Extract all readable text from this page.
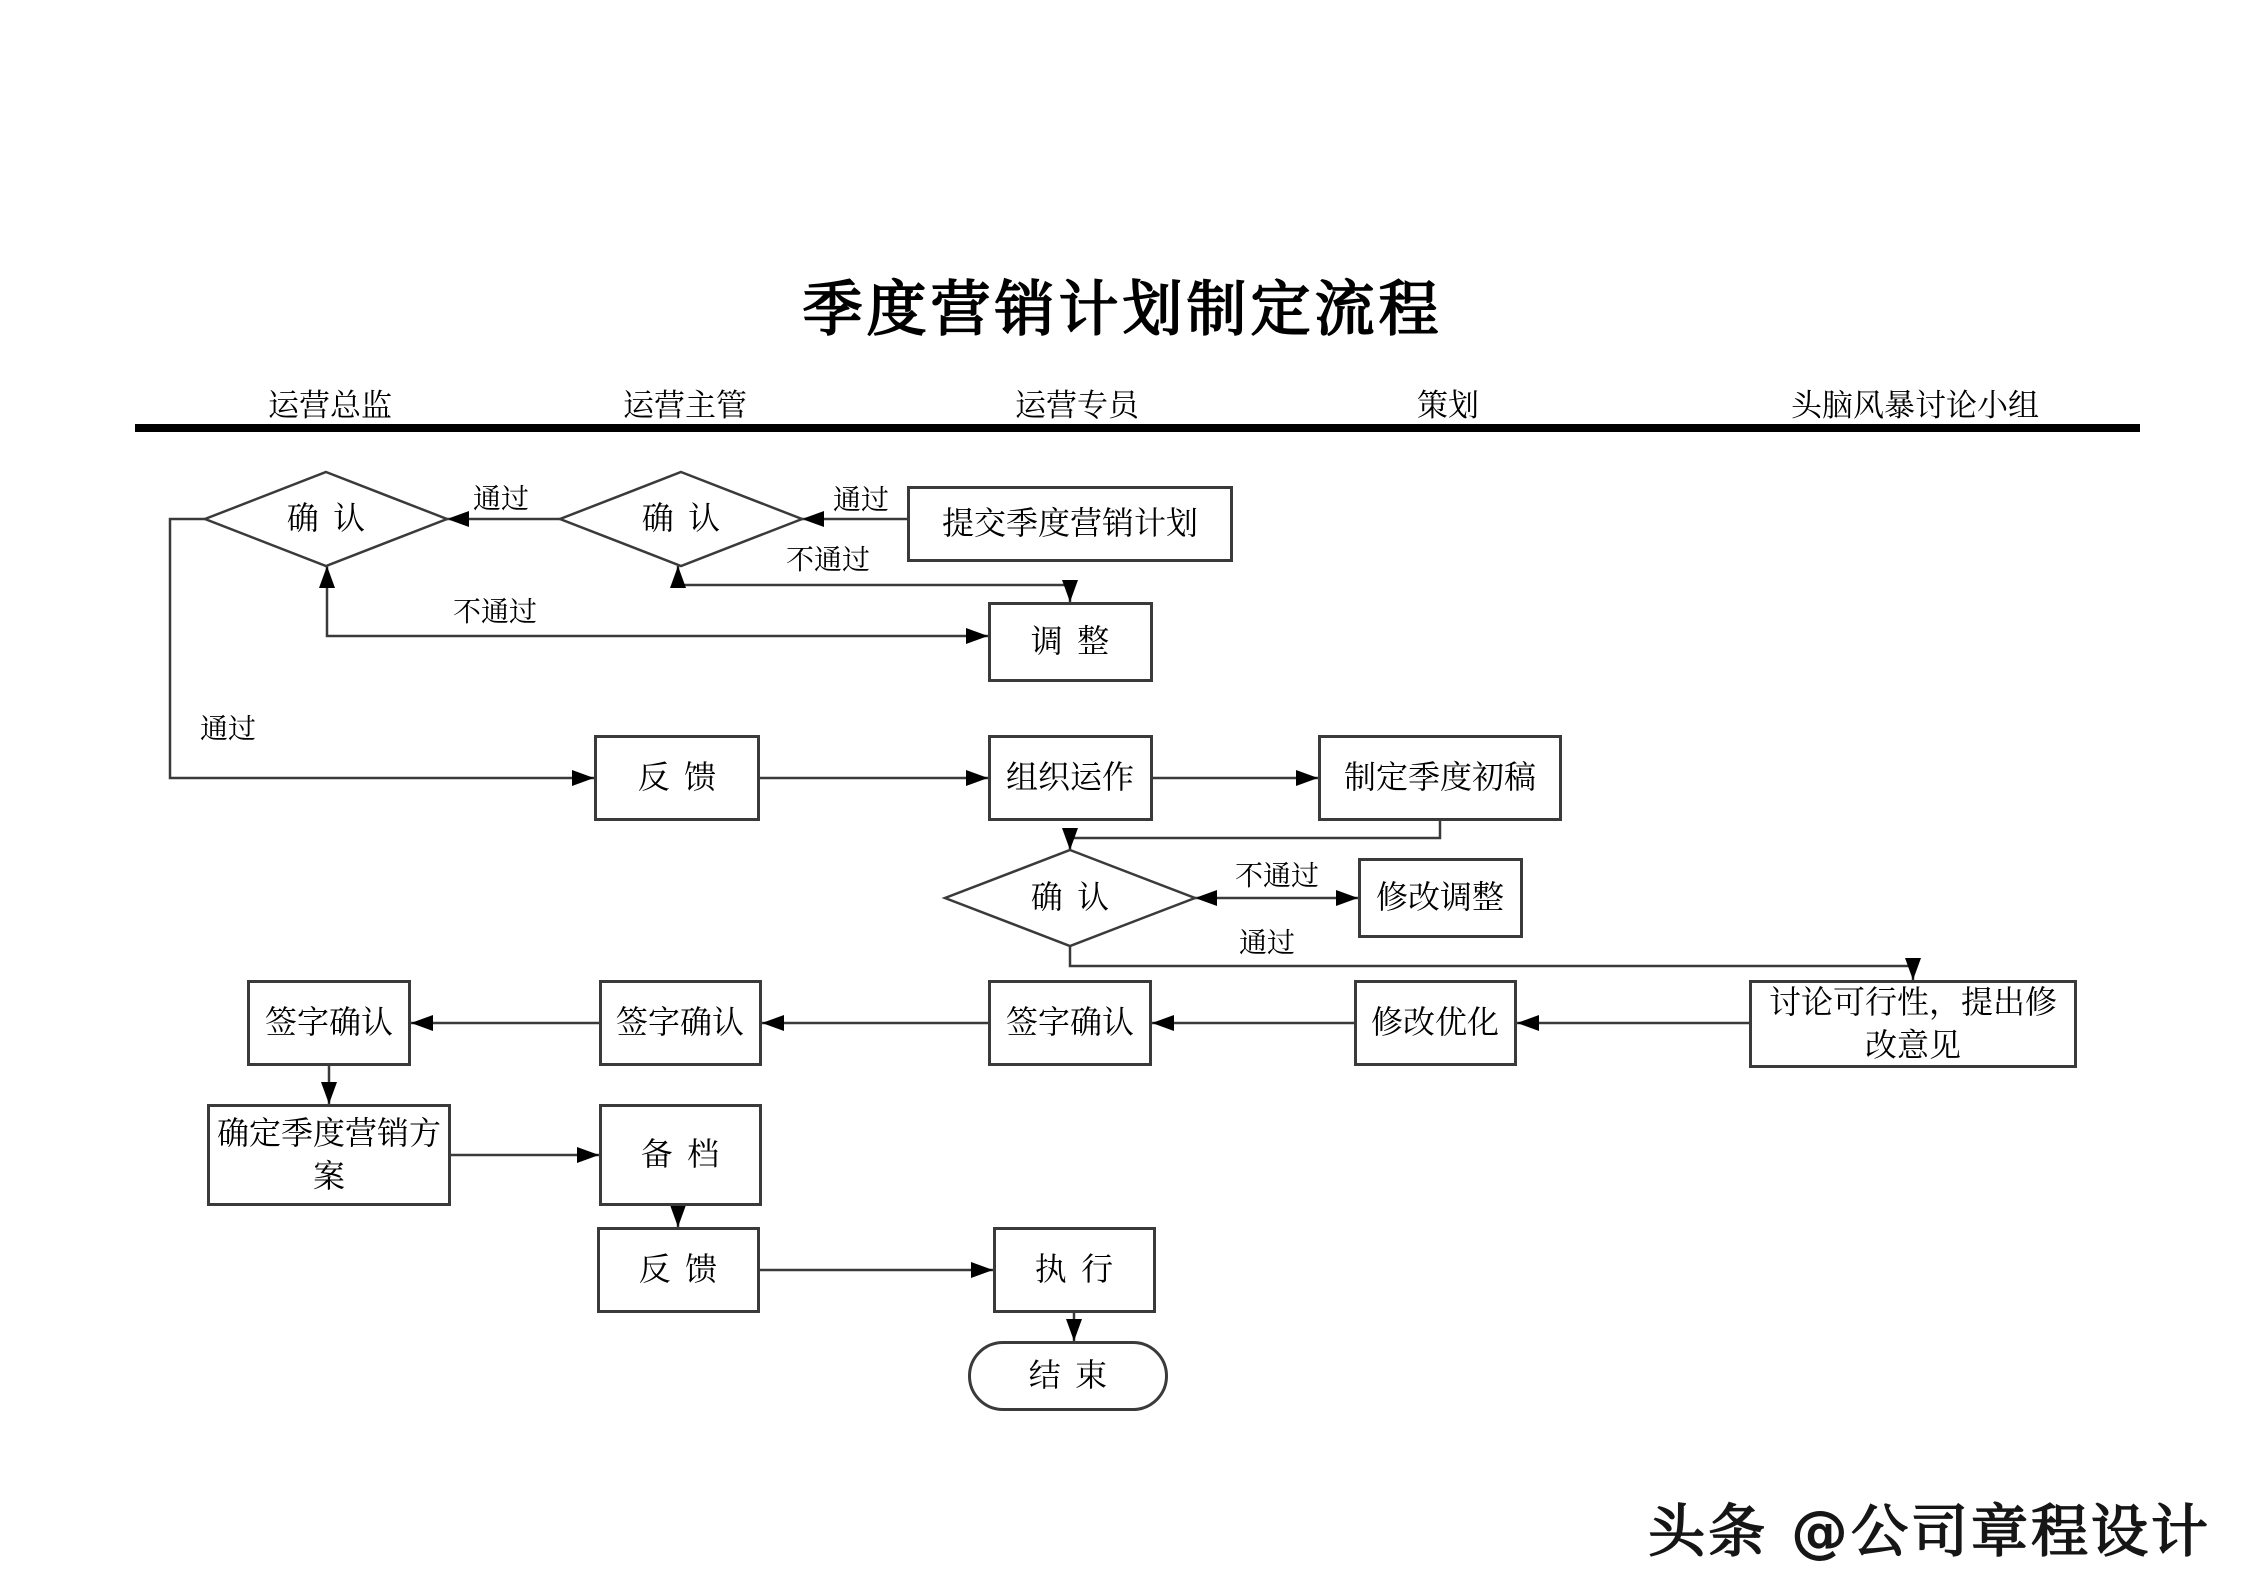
季度营销计划制定流程
头条 @公司章程设计
运营总监	运营主管	运营专员	策划	头脑风暴讨论小组
确认	确认	提交季度营销计划
调整
反馈	组织运作	制定季度初稿
确认	修改调整
签字确认	签字确认	签字确认	修改优化
讨论可行性，提出修改意见
确定季度营销方案
备档
反馈	执行
结束
通过	通过
不通过
不通过
通过
不通过
通过
